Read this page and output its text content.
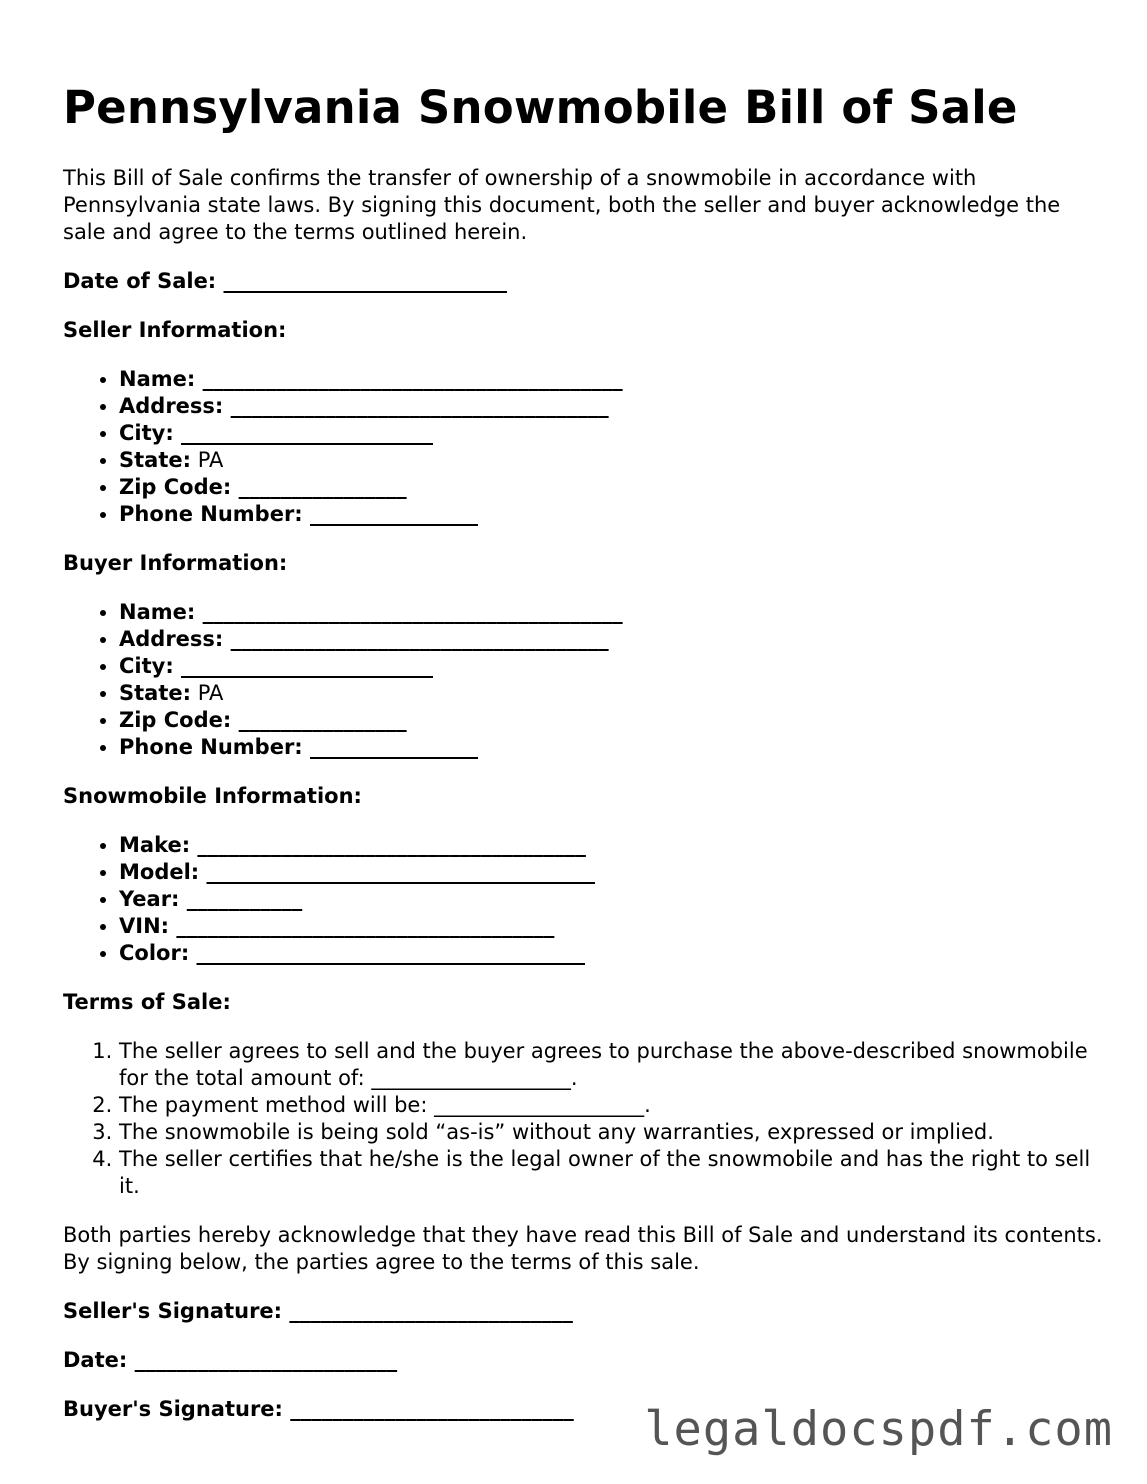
Pennsylvania Snowmobile Bill of Sale

This Bill of Sale confirms the transfer of ownership of a snowmobile in accordance with Pennsylvania state laws. By signing this document, both the seller and buyer acknowledge the sale and agree to the terms outlined herein.

Date of Sale: ___________________________

Seller Information:

• Name: ________________________________________
• Address: ____________________________________
• City: ________________________
• State: PA
• Zip Code: ________________
• Phone Number: ________________

Buyer Information:

• Name: ________________________________________
• Address: ____________________________________
• City: ________________________
• State: PA
• Zip Code: ________________
• Phone Number: ________________

Snowmobile Information:

• Make: _____________________________________
• Model: _____________________________________
• Year: ___________
• VIN: ____________________________________
• Color: _____________________________________

Terms of Sale:

1. The seller agrees to sell and the buyer agrees to purchase the above-described snowmobile for the total amount of: ___________________.
2. The payment method will be: ____________________.
3. The snowmobile is being sold “as-is” without any warranties, expressed or implied.
4. The seller certifies that he/she is the legal owner of the snowmobile and has the right to sell it.

Both parties hereby acknowledge that they have read this Bill of Sale and understand its contents. By signing below, the parties agree to the terms of this sale.

Seller's Signature: ___________________________

Date: _________________________

Buyer's Signature: ___________________________	legaldocspdf.com
